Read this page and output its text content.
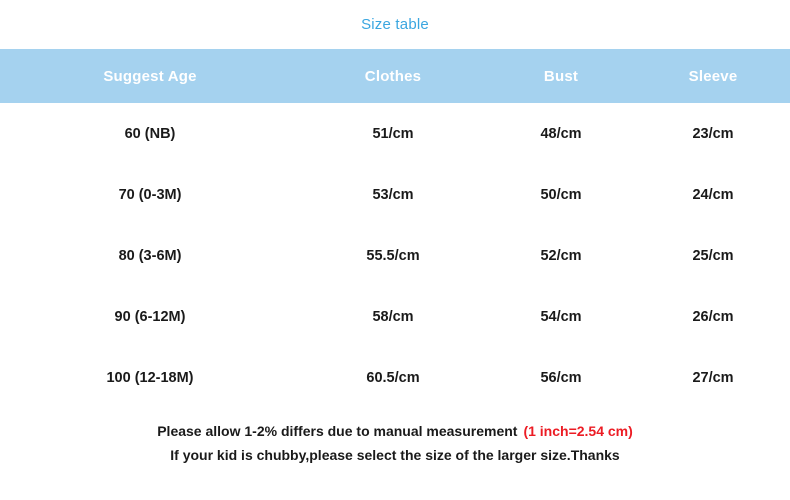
Size table
Suggest Age	Clothes	Bust	Sleeve
60 (NB)	51/cm	48/cm	23/cm
70 (0-3M)	53/cm	50/cm	24/cm
80 (3-6M)	55.5/cm	52/cm	25/cm
90 (6-12M)	58/cm	54/cm	26/cm
100 (12-18M)	60.5/cm	56/cm	27/cm
Please allow 1-2% differs due to manual measurement (1 inch=2.54 cm)
If your kid is chubby,please select the size of the larger size.Thanks
